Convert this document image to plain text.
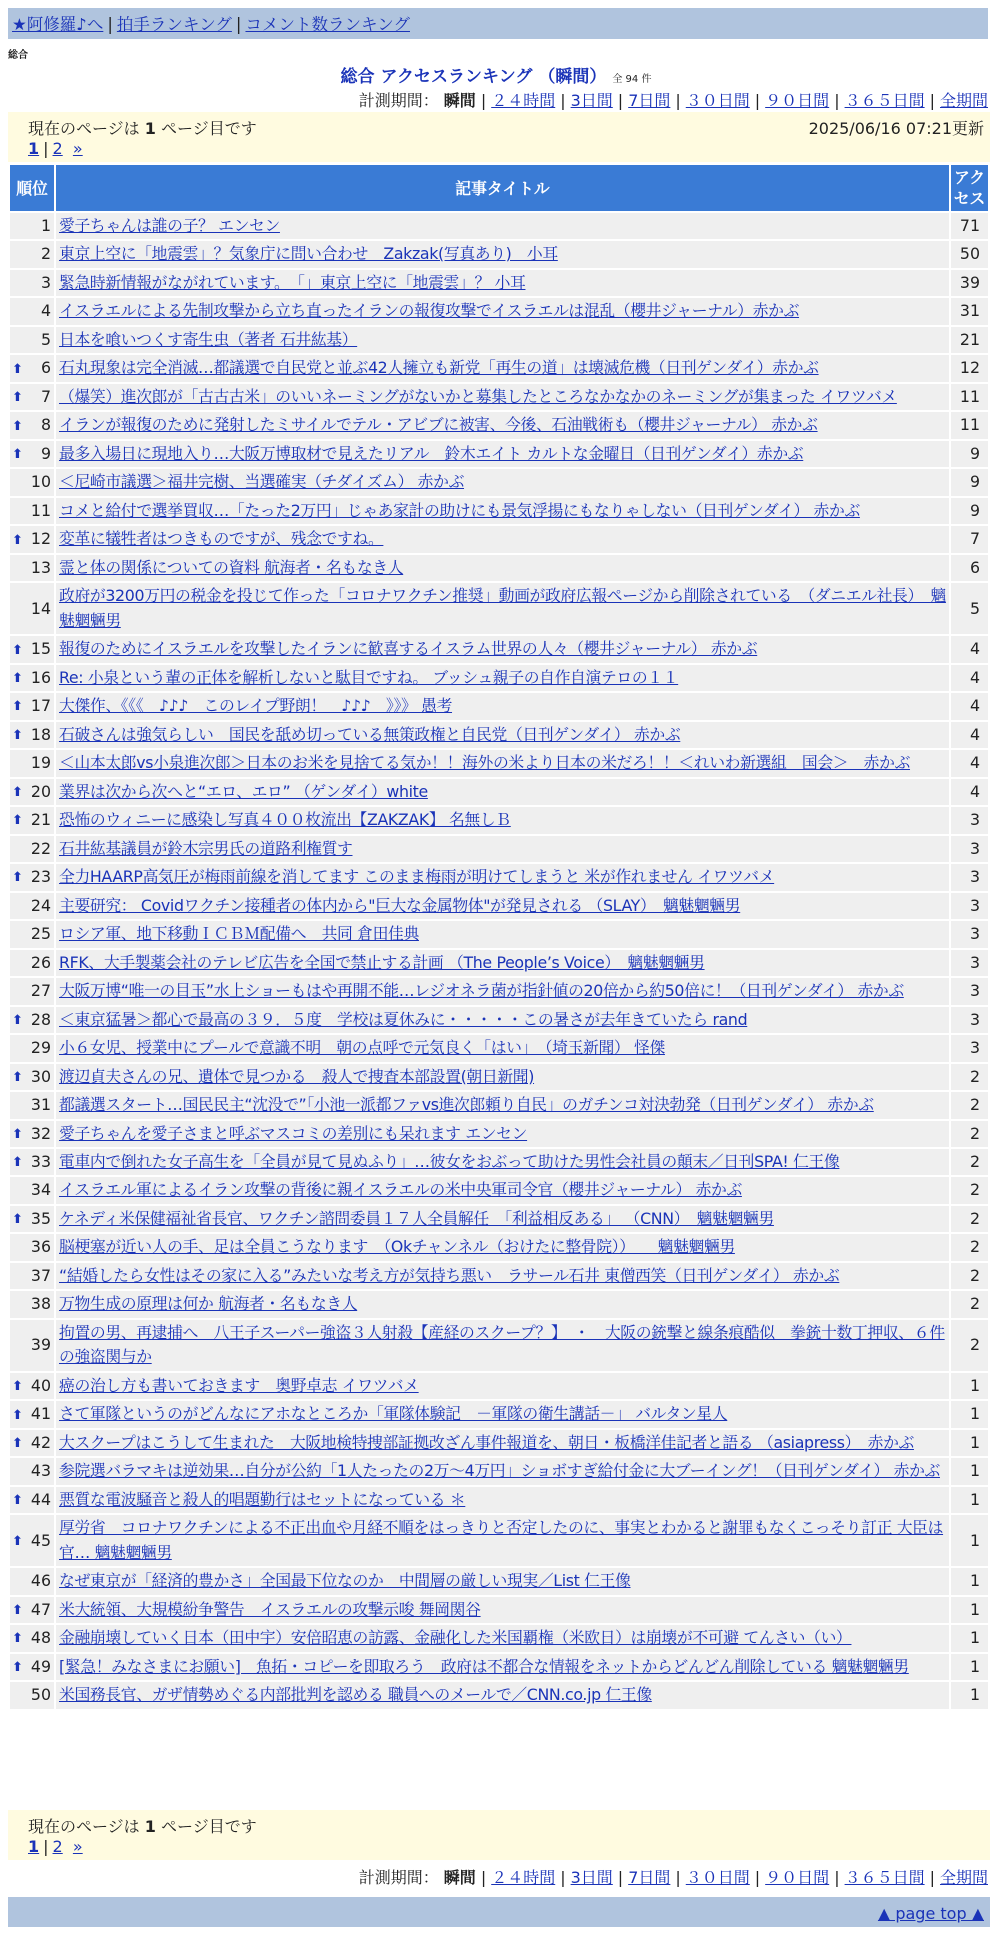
★阿修羅♪へ | 拍手ランキング | コメント数ランキング
総合
総合 アクセスランキング （瞬間） 全 94 件
計測期間： 瞬間 | ２４時間 | 3日間 | 7日間 | ３０日間 | ９０日間 | ３６５日間 | 全期間
現在のページは 1 ページ目です	2025/06/16 07:21更新
1 | 2 »
順位	記事タイトル	アクセス
1	愛子ちゃんは誰の子？ エンセン	71
2	東京上空に「地震雲」？気象庁に問い合わせ　Zakzak(写真あり)　小耳	50
3	緊急時新情報がながれています。　「」東京上空に「地震雲」？ 小耳	39
4	イスラエルによる先制攻撃から立ち直ったイランの報復攻撃でイスラエルは混乱（櫻井ジャーナル）赤かぶ	31
5	日本を喰いつくす寄生虫（著者 石井紘基）	21

⬆ 6	石丸現象は完全消滅…都議選で自民党と並ぶ42人擁立も新党「再生の道」は壊滅危機（日刊ゲンダイ）赤かぶ	12

⬆ 7	（爆笑）進次郎が「古古古米」のいいネーミングがないかと募集したところなかなかのネーミングが集まった イワツバメ	11

⬆ 8	イランが報復のために発射したミサイルでテル・アビブに被害、今後、石油戦術も（櫻井ジャーナル） 赤かぶ	11

⬆ 9	最多入場日に現地入り…大阪万博取材で見えたリアル　鈴木エイト カルトな金曜日（日刊ゲンダイ）赤かぶ	9
10	＜尼崎市議選＞福井完樹、当選確実（チダイズム） 赤かぶ	9
11	コメと給付で選挙買収…「たった2万円」じゃあ家計の助けにも景気浮揚にもなりゃしない（日刊ゲンダイ） 赤かぶ	9

⬆ 12	変革に犠牲者はつきものですが、残念ですね。	7
13	霊と体の関係についての資料 航海者・名もなき人	6
14	政府が3200万円の税金を投じて作った「コロナワクチン推奨」動画が政府広報ページから削除されている　（ダニエル社長）　魑魅魍魎男	5

⬆ 15	報復のためにイスラエルを攻撃したイランに歓喜するイスラム世界の人々（櫻井ジャーナル） 赤かぶ	4

⬆ 16	Re: 小泉という輩の正体を解析しないと駄目ですね。 ブッシュ親子の自作自演テロの１１	4

⬆ 17	大傑作、《《《　♪♪♪　このレイプ野朗！　♪♪♪　》》》 愚考	4

⬆ 18	石破さんは強気らしい　国民を舐め切っている無策政権と自民党（日刊ゲンダイ） 赤かぶ	4
19	＜山本太郎vs小泉進次郎＞日本のお米を見捨てる気か！！海外の米より日本の米だろ！！＜れいわ新選組　国会＞　赤かぶ	4

⬆ 20	業界は次から次へと“エロ、エロ” （ゲンダイ）white	4

⬆ 21	恐怖のウィニーに感染し写真４００枚流出【ZAKZAK】 名無しＢ	3
22	石井紘基議員が鈴木宗男氏の道路利権質す	3

⬆ 23	全力HAARP高気圧が梅雨前線を消してます このまま梅雨が明けてしまうと 米が作れません イワツバメ	3
24	主要研究： Covidワクチン接種者の体内から"巨大な金属物体"が発見される （SLAY）　魑魅魍魎男	3
25	ロシア軍、地下移動ＩＣＢＭ配備へ　共同 倉田佳典	3
26	RFK、大手製薬会社のテレビ広告を全国で禁止する計画 （The People’s Voice）　魑魅魍魎男	3
27	大阪万博“唯一の目玉”水上ショーもはや再開不能…レジオネラ菌が指針値の20倍から約50倍に！（日刊ゲンダイ） 赤かぶ	3

⬆ 28	＜東京猛暑＞都心で最高の３９．５度　学校は夏休みに・・・・・この暑さが去年きていたら rand	3
29	小６女児、授業中にプールで意識不明　朝の点呼で元気良く「はい」　（埼玉新聞） 怪傑	3

⬆ 30	渡辺貞夫さんの兄、遺体で見つかる　殺人で捜査本部設置(朝日新聞)	2
31	都議選スタート…国民民主“沈没で”「小池一派都ファvs進次郎頼り自民」のガチンコ対決勃発（日刊ゲンダイ） 赤かぶ	2

⬆ 32	愛子ちゃんを愛子さまと呼ぶマスコミの差別にも呆れます エンセン	2

⬆ 33	電車内で倒れた女子高生を「全員が見て見ぬふり」…彼女をおぶって助けた男性会社員の顛末／日刊SPA! 仁王像	2
34	イスラエル軍によるイラン攻撃の背後に親イスラエルの米中央軍司令官（櫻井ジャーナル） 赤かぶ	2

⬆ 35	ケネディ米保健福祉省長官、ワクチン諮問委員１７人全員解任　「利益相反ある」 （CNN）　魑魅魍魎男	2
36	脳梗塞が近い人の手、足は全員こうなります　（Okチャンネル（おけたに整骨院））　　魑魅魍魎男	2
37	“結婚したら女性はその家に入る”みたいな考え方が気持ち悪い　ラサール石井 東僧西笑（日刊ゲンダイ） 赤かぶ	2
38	万物生成の原理は何か 航海者・名もなき人	2
39	拘置の男、再逮捕へ　八王子スーパー強盗３人射殺【産経のスクープ？】　・　大阪の銃撃と線条痕酷似　拳銃十数丁押収、６件の強盗関与か	2

⬆ 40	癌の治し方も書いておきます　奥野卓志 イワツバメ	1

⬆ 41	さて軍隊というのがどんなにアホなところか「軍隊体験記　－軍隊の衛生講話－」 バルタン星人	1

⬆ 42	大スクープはこうして生まれた　大阪地検特捜部証拠改ざん事件報道を、朝日・板橋洋佳記者と語る （asiapress）　赤かぶ	1
43	参院選バラマキは逆効果…自分が公約「1人たったの2万～4万円」ショボすぎ給付金に大ブーイング！（日刊ゲンダイ） 赤かぶ	1

⬆ 44	悪質な電波騒音と殺人的唱題勤行はセットになっている ＊	1

⬆ 45	厚労省　コロナワクチンによる不正出血や月経不順をはっきりと否定したのに、事実とわかると謝罪もなくこっそり訂正 大臣は官… 魑魅魍魎男	1
46	なぜ東京が「経済的豊かさ」全国最下位なのか　中間層の厳しい現実／List 仁王像	1

⬆ 47	米大統領、大規模紛争警告　イスラエルの攻撃示唆 舞岡関谷	1

⬆ 48	金融崩壊していく日本（田中宇）安倍昭恵の訪露、金融化した米国覇権（米欧日）は崩壊が不可避 てんさい（い）	1

⬆ 49	[緊急！みなさまにお願い]　魚拓・コピーを即取ろう　政府は不都合な情報をネットからどんどん削除している 魑魅魍魎男	1
50	米国務長官、ガザ情勢めぐる内部批判を認める 職員へのメールで／CNN.co.jp 仁王像	1
現在のページは 1 ページ目です
1 | 2 »
計測期間： 瞬間 | ２４時間 | 3日間 | 7日間 | ３０日間 | ９０日間 | ３６５日間 | 全期間
▲ page top ▲
